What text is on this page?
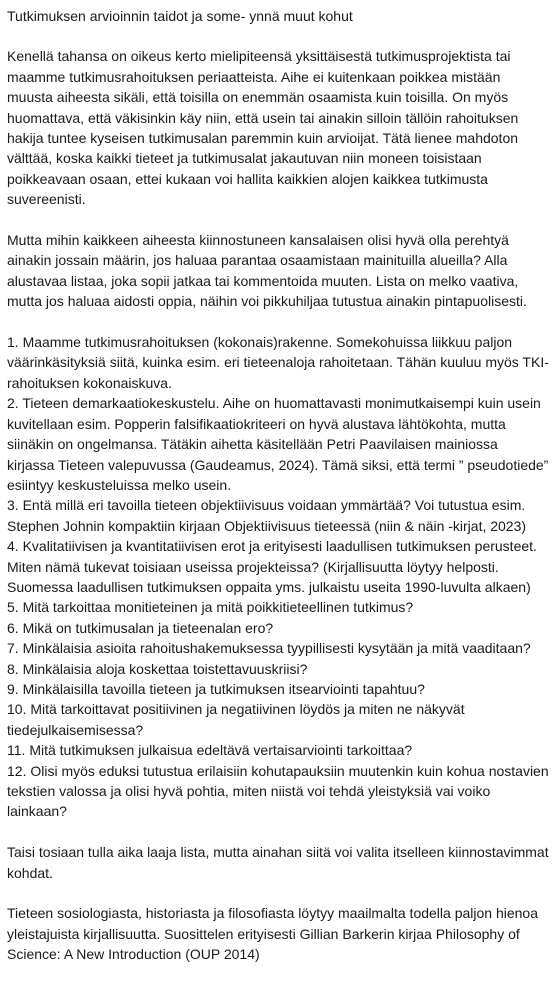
Tutkimuksen arvioinnin taidot ja some- ynnä muut kohut

Kenellä tahansa on oikeus kerto mielipiteensä yksittäisestä tutkimusprojektista tai maamme tutkimusrahoituksen periaatteista. Aihe ei kuitenkaan poikkea mistään muusta aiheesta sikäli, että toisilla on enemmän osaamista kuin toisilla. On myös huomattava, että väkisinkin käy niin, että usein tai ainakin silloin tällöin rahoituksen hakija tuntee kyseisen tutkimusalan paremmin kuin arvioijat. Tätä lienee mahdoton välttää, koska kaikki tieteet ja tutkimusalat jakautuvan niin moneen toisistaan poikkeavaan osaan, ettei kukaan voi hallita kaikkien alojen kaikkea tutkimusta suvereenisti.

Mutta mihin kaikkeen aiheesta kiinnostuneen kansalaisen olisi hyvä olla perehtyä ainakin jossain määrin, jos haluaa parantaa osaamistaan mainituilla alueilla? Alla alustavaa listaa, joka sopii jatkaa tai kommentoida muuten. Lista on melko vaativa, mutta jos haluaa aidosti oppia, näihin voi pikkuhiljaa tutustua ainakin pintapuolisesti.

1. Maamme tutkimusrahoituksen (kokonais)rakenne. Somekohuissa liikkuu paljon väärinkäsityksiä siitä, kuinka esim. eri tieteenaloja rahoitetaan. Tähän kuuluu myös TKI-rahoituksen kokonaiskuva.
2. Tieteen demarkaatiokeskustelu. Aihe on huomattavasti monimutkaisempi kuin usein kuvitellaan esim. Popperin falsifikaatiokriteeri on hyvä alustava lähtökohta, mutta siinäkin on ongelmansa. Tätäkin aihetta käsitellään Petri Paavilaisen mainiossa kirjassa Tieteen valepuvussa (Gaudeamus, 2024). Tämä siksi, että termi ” pseudotiede” esiintyy keskusteluissa melko usein.
3. Entä millä eri tavoilla tieteen objektiivisuus voidaan ymmärtää? Voi tutustua esim. Stephen Johnin kompaktiin kirjaan Objektiivisuus tieteessä (niin & näin -kirjat, 2023)
4. Kvalitatiivisen ja kvantitatiivisen erot ja erityisesti laadullisen tutkimuksen perusteet. Miten nämä tukevat toisiaan useissa projekteissa? (Kirjallisuutta löytyy helposti. Suomessa laadullisen tutkimuksen oppaita yms. julkaistu useita 1990-luvulta alkaen)
5. Mitä tarkoittaa monitieteinen ja mitä poikkitieteellinen tutkimus?
6. Mikä on tutkimusalan ja tieteenalan ero?
7. Minkälaisia asioita rahoitushakemuksessa tyypillisesti kysytään ja mitä vaaditaan?
8. Minkälaisia aloja koskettaa toistettavuuskriisi?
9. Minkälaisilla tavoilla tieteen ja tutkimuksen itsearviointi tapahtuu?
10. Mitä tarkoittavat positiivinen ja negatiivinen löydös ja miten ne näkyvät tiedejulkaisemisessa?
11. Mitä tutkimuksen julkaisua edeltävä vertaisarviointi tarkoittaa?
12. Olisi myös eduksi tutustua erilaisiin kohutapauksiin muutenkin kuin kohua nostavien tekstien valossa ja olisi hyvä pohtia, miten niistä voi tehdä yleistyksiä vai voiko lainkaan?

Taisi tosiaan tulla aika laaja lista, mutta ainahan siitä voi valita itselleen kiinnostavimmat kohdat.

Tieteen sosiologiasta, historiasta ja filosofiasta löytyy maailmalta todella paljon hienoa yleistajuista kirjallisuutta. Suosittelen erityisesti Gillian Barkerin kirjaa Philosophy of Science: A New Introduction (OUP 2014)
